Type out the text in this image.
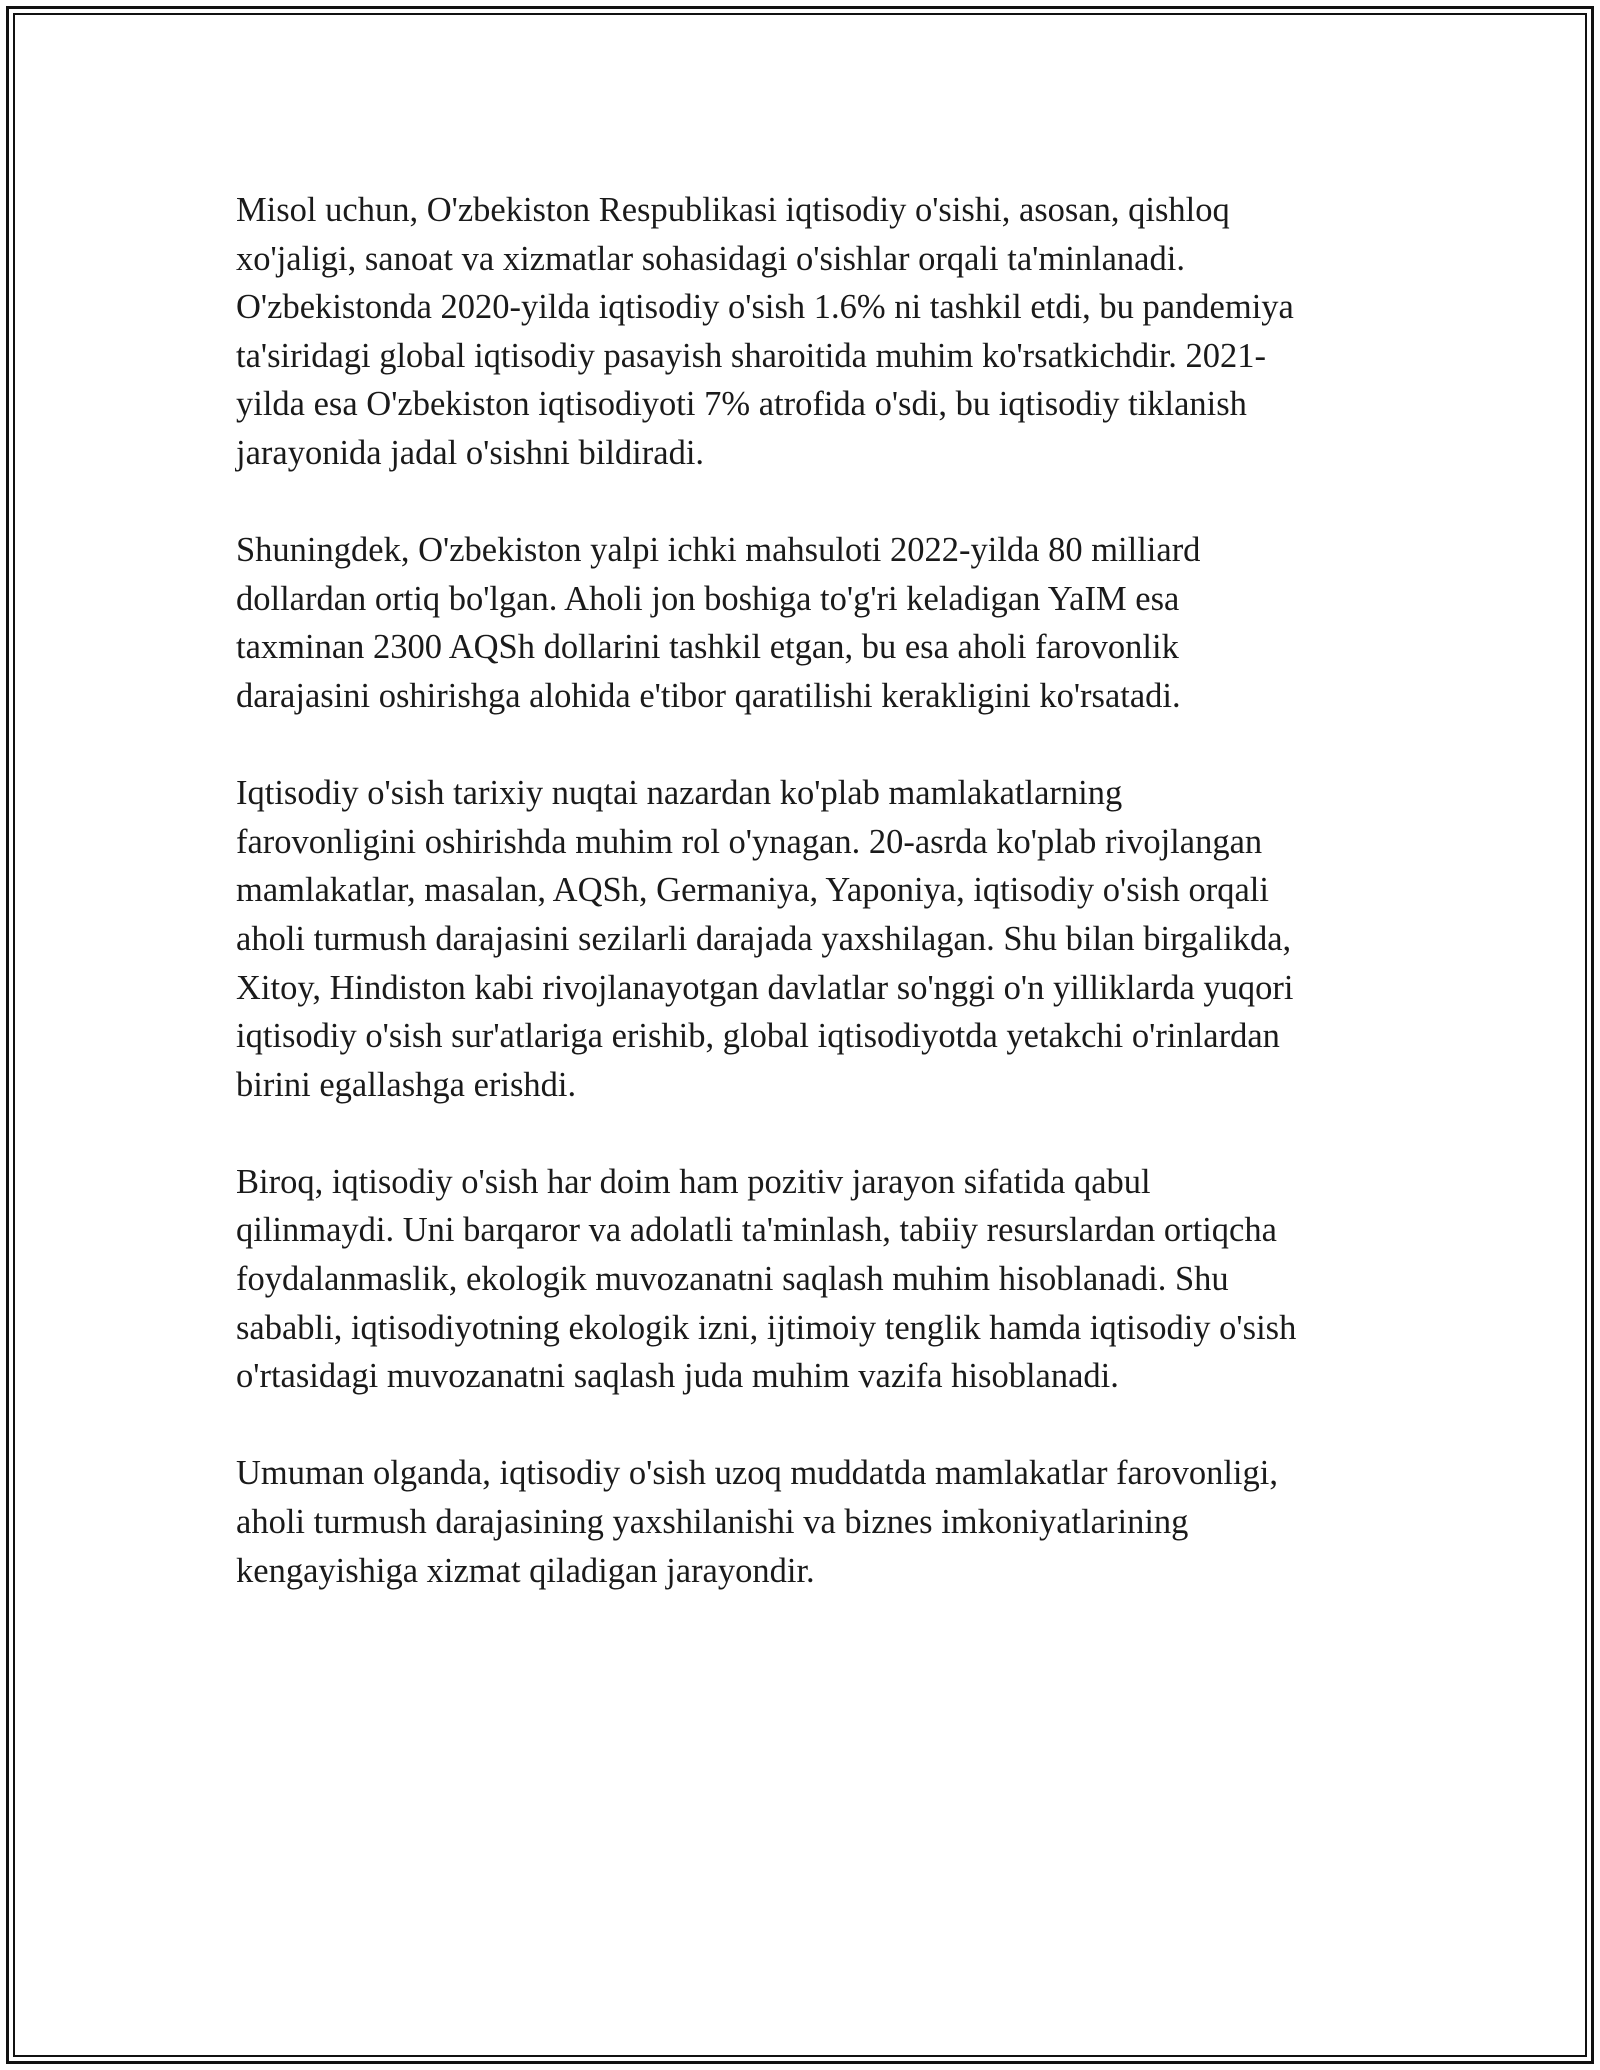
Misol uchun, O'zbekiston Respublikasi iqtisodiy o'sishi, asosan, qishloq
xo'jaligi, sanoat va xizmatlar sohasidagi o'sishlar orqali ta'minlanadi.
O'zbekistonda 2020-yilda iqtisodiy o'sish 1.6% ni tashkil etdi, bu pandemiya
ta'siridagi global iqtisodiy pasayish sharoitida muhim ko'rsatkichdir. 2021-
yilda esa O'zbekiston iqtisodiyoti 7% atrofida o'sdi, bu iqtisodiy tiklanish
jarayonida jadal o'sishni bildiradi.

Shuningdek, O'zbekiston yalpi ichki mahsuloti 2022-yilda 80 milliard
dollardan ortiq bo'lgan. Aholi jon boshiga to'g'ri keladigan YaIM esa
taxminan 2300 AQSh dollarini tashkil etgan, bu esa aholi farovonlik
darajasini oshirishga alohida e'tibor qaratilishi kerakligini ko'rsatadi.

Iqtisodiy o'sish tarixiy nuqtai nazardan ko'plab mamlakatlarning
farovonligini oshirishda muhim rol o'ynagan. 20-asrda ko'plab rivojlangan
mamlakatlar, masalan, AQSh, Germaniya, Yaponiya, iqtisodiy o'sish orqali
aholi turmush darajasini sezilarli darajada yaxshilagan. Shu bilan birgalikda,
Xitoy, Hindiston kabi rivojlanayotgan davlatlar so'nggi o'n yilliklarda yuqori
iqtisodiy o'sish sur'atlariga erishib, global iqtisodiyotda yetakchi o'rinlardan
birini egallashga erishdi.

Biroq, iqtisodiy o'sish har doim ham pozitiv jarayon sifatida qabul
qilinmaydi. Uni barqaror va adolatli ta'minlash, tabiiy resurslardan ortiqcha
foydalanmaslik, ekologik muvozanatni saqlash muhim hisoblanadi. Shu
sababli, iqtisodiyotning ekologik izni, ijtimoiy tenglik hamda iqtisodiy o'sish
o'rtasidagi muvozanatni saqlash juda muhim vazifa hisoblanadi.

Umuman olganda, iqtisodiy o'sish uzoq muddatda mamlakatlar farovonligi,
aholi turmush darajasining yaxshilanishi va biznes imkoniyatlarining
kengayishiga xizmat qiladigan jarayondir.
